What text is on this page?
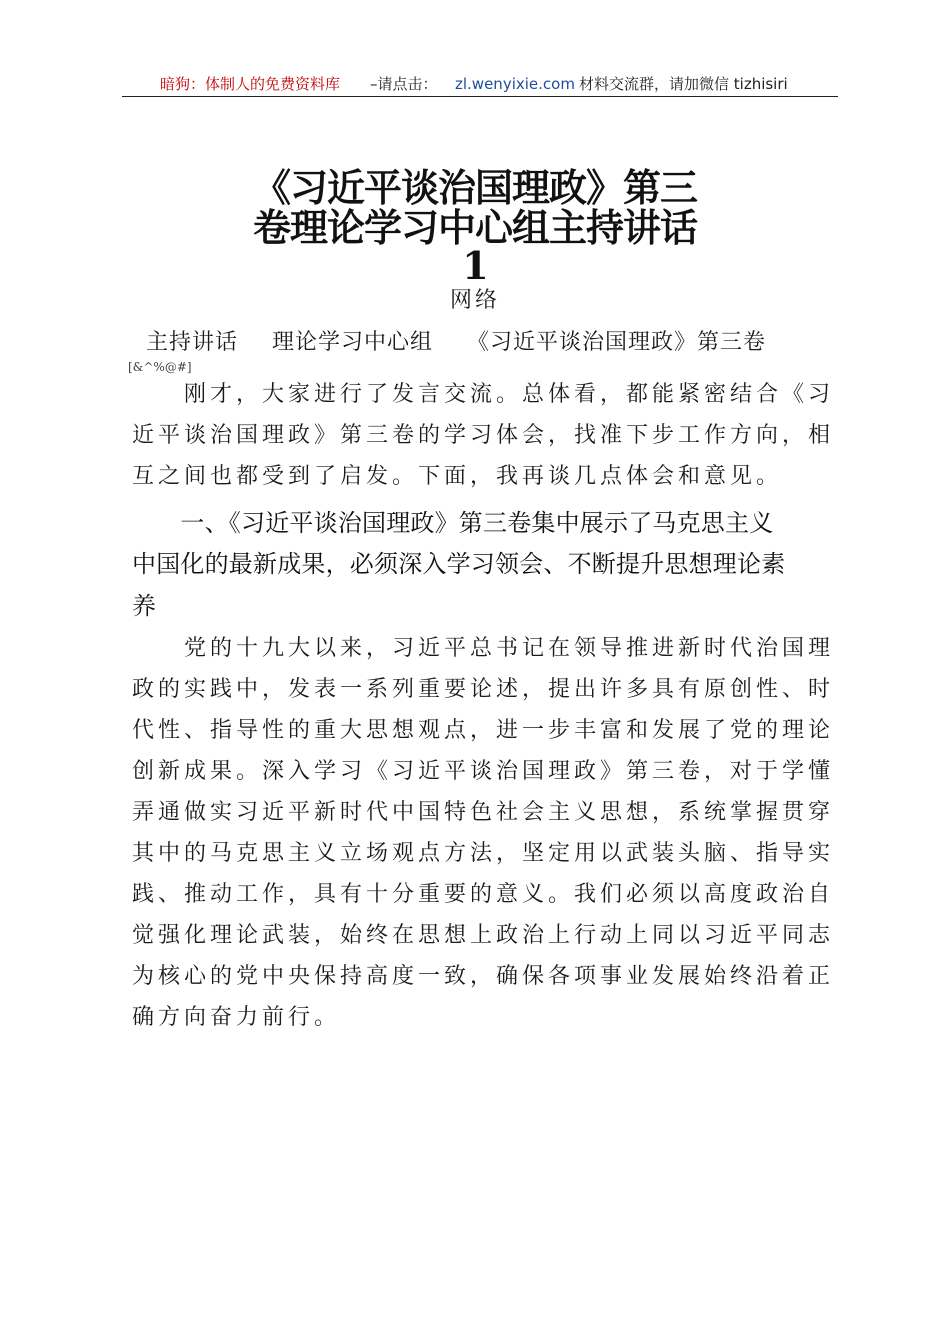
暗狗：体制人的免费资料库 –请点击： zl.wenyixie.com 材料交流群，请加微信 tizhisiri
《习近平谈治国理政》第三
卷理论学习中心组主持讲话
1
网络
主持讲话 理论学习中心组 《习近平谈治国理政》第三卷
[&^%@#]
　　刚才，大家进行了发言交流。总体看，都能紧密结合《习
近平谈治国理政》第三卷的学习体会，找准下步工作方向，相
互之间也都受到了启发。下面，我再谈几点体会和意见。
　　一、《习近平谈治国理政》第三卷集中展示了马克思主义
中国化的最新成果，必须深入学习领会、不断提升思想理论素
养
　　党的十九大以来，习近平总书记在领导推进新时代治国理
政的实践中，发表一系列重要论述，提出许多具有原创性、时
代性、指导性的重大思想观点，进一步丰富和发展了党的理论
创新成果。深入学习《习近平谈治国理政》第三卷，对于学懂
弄通做实习近平新时代中国特色社会主义思想，系统掌握贯穿
其中的马克思主义立场观点方法，坚定用以武装头脑、指导实
践、推动工作，具有十分重要的意义。我们必须以高度政治自
觉强化理论武装，始终在思想上政治上行动上同以习近平同志
为核心的党中央保持高度一致，确保各项事业发展始终沿着正
确方向奋力前行。
